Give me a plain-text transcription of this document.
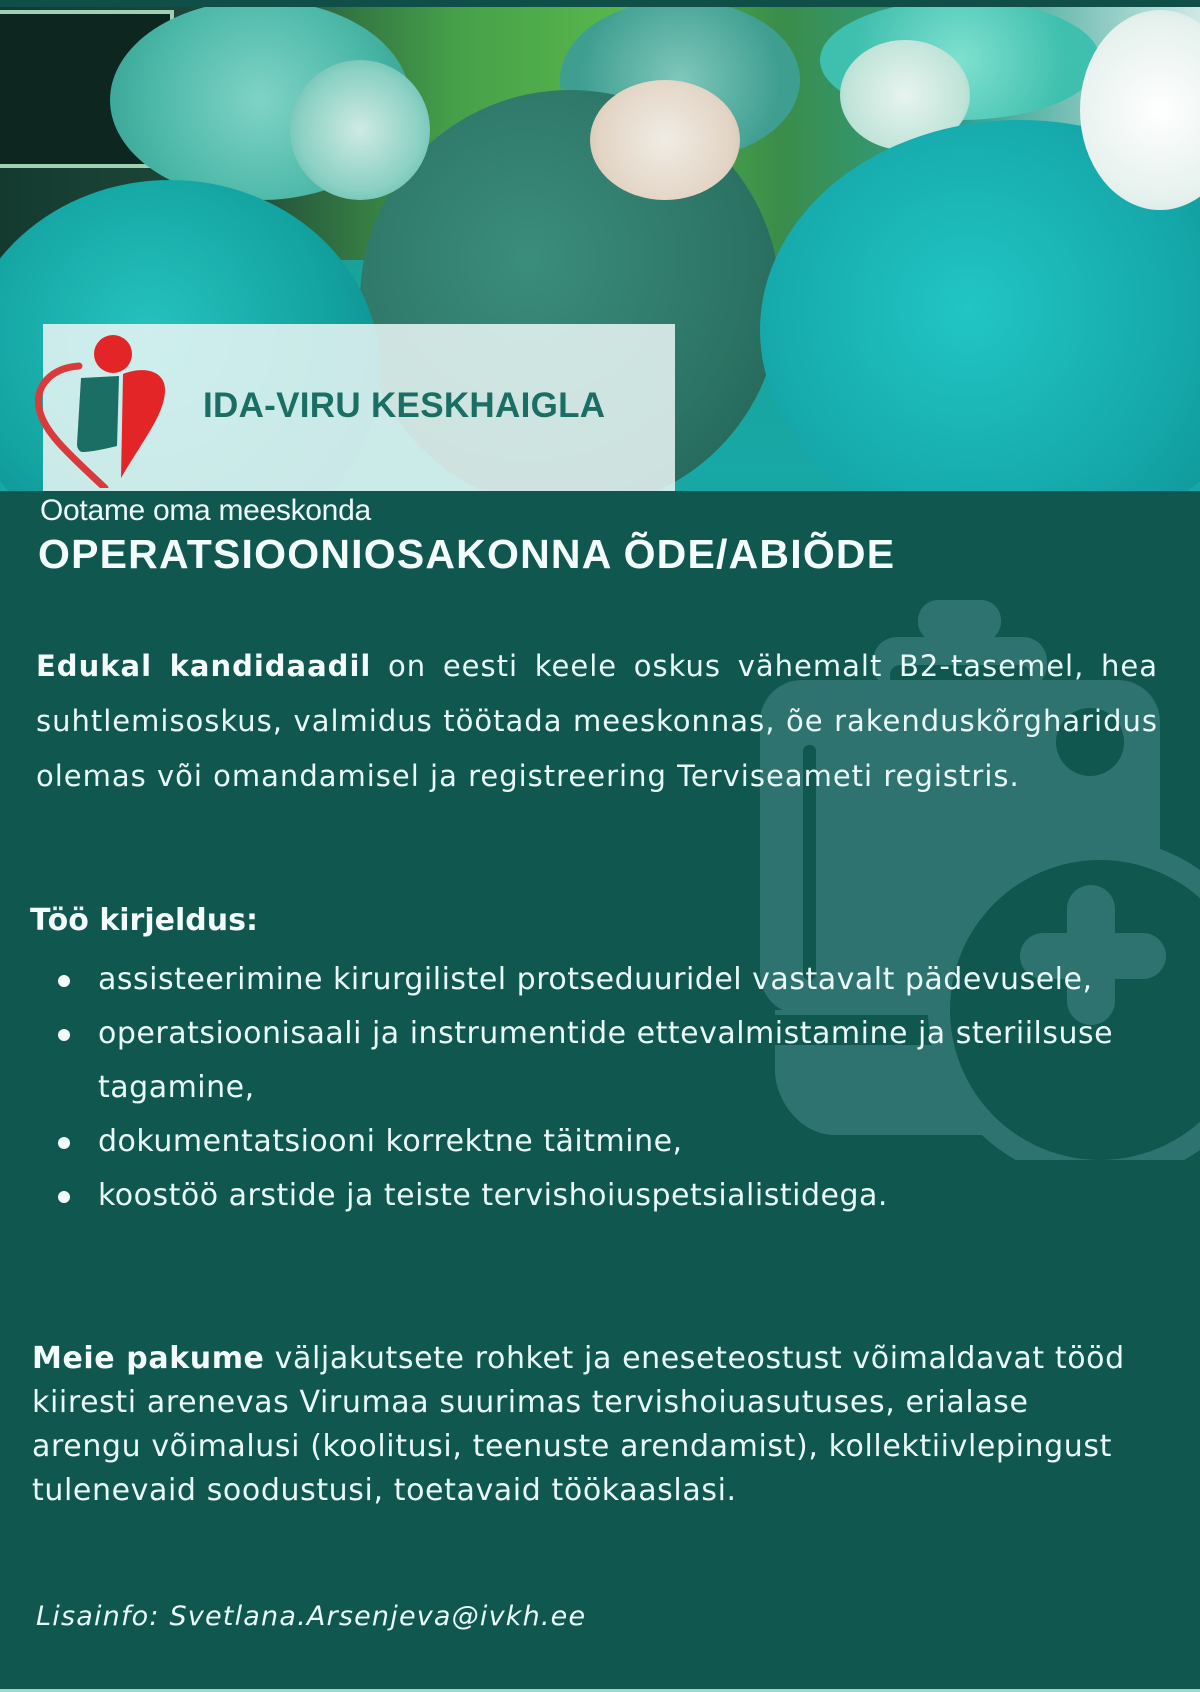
IDA-VIRU KESKHAIGLA
Ootame oma meeskonda
OPERATSIOONIOSAKONNA ÕDE/ABIÕDE
Edukal kandidaadil on eesti keele oskus vähemalt B2-tasemel, hea suhtlemisoskus, valmidus töötada meeskonnas, õe rakenduskõrgharidus olemas või omandamisel ja registreering Terviseameti registris.
Töö kirjeldus:
assisteerimine kirurgilistel protseduuridel vastavalt pädevusele,
operatsioonisaali ja instrumentide ettevalmistamine ja steriilsuse tagamine,
dokumentatsiooni korrektne täitmine,
koostöö arstide ja teiste tervishoiuspetsialistidega.
Meie pakume väljakutsete rohket ja eneseteostust võimaldavat tööd kiiresti arenevas Virumaa suurimas tervishoiuasutuses, erialase arengu võimalusi (koolitusi, teenuste arendamist), kollektiivlepingust tulenevaid soodustusi, toetavaid töökaaslasi.
Lisainfo: Svetlana.Arsenjeva@ivkh.ee
